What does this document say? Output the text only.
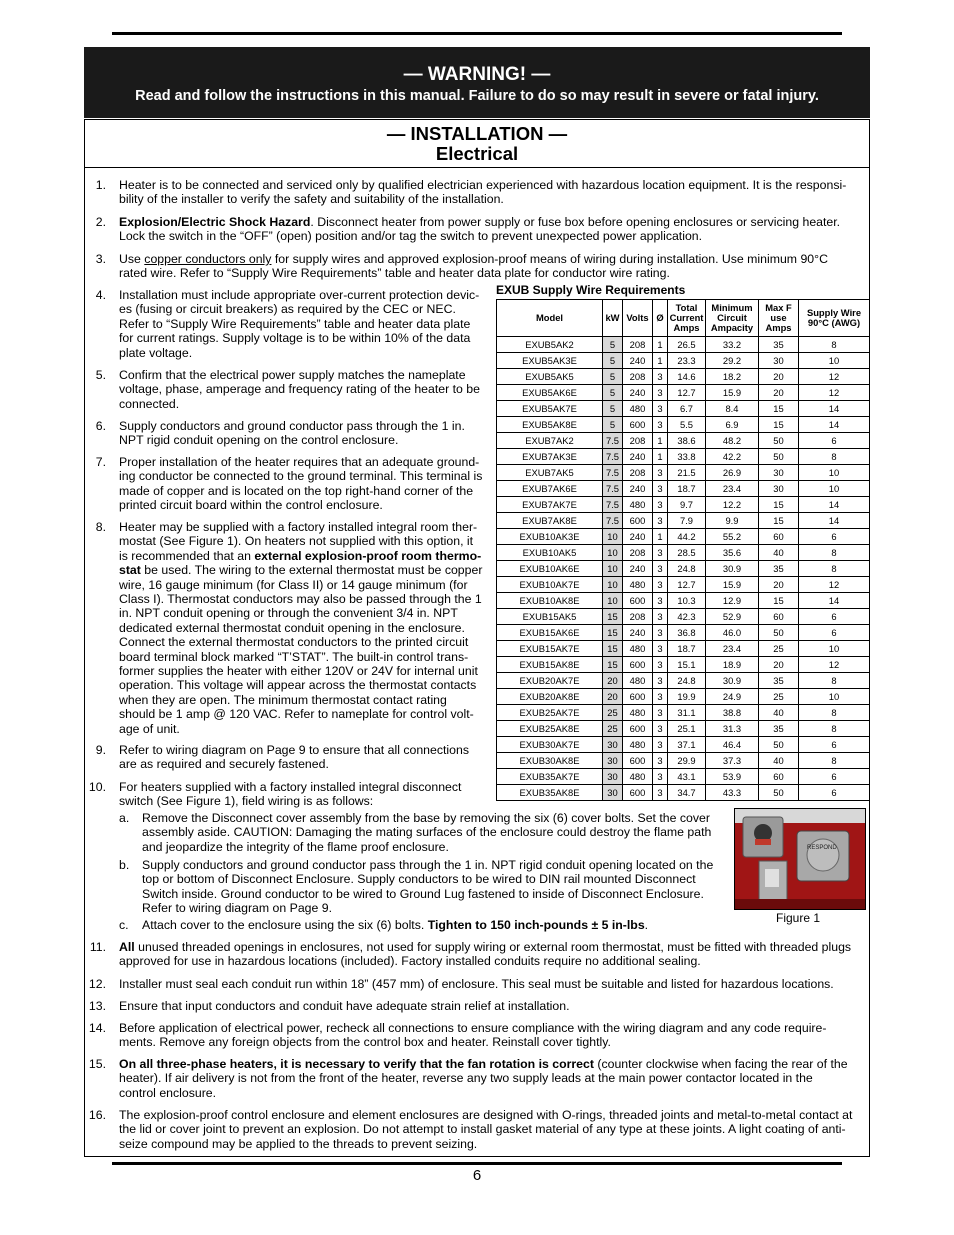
— WARNING! —

Read and follow the instructions in this manual. Failure to do so may result in severe or fatal injury.

— INSTALLATION —
Electrical
1. Heater is to be connected and serviced only by qualified electrician experienced with hazardous location equipment. It is the responsi-
bility of the installer to verify the safety and suitability of the installation.
2. Explosion/Electric Shock Hazard. Disconnect heater from power supply or fuse box before opening enclosures or servicing heater.
Lock the switch in the “OFF” (open) position and/or tag the switch to prevent unexpected power application.
3. Use copper conductors only for supply wires and approved explosion-proof means of wiring during installation. Use minimum 90°C
rated wire. Refer to “Supply Wire Requirements” table and heater data plate for conductor wire rating.
4. Installation must include appropriate over-current protection devic-
es (fusing or circuit breakers) as required by the CEC or NEC.
Refer to “Supply Wire Requirements” table and heater data plate
for current ratings. Supply voltage is to be within 10% of the data
plate voltage.
5. Confirm that the electrical power supply matches the nameplate
voltage, phase, amperage and frequency rating of the heater to be
connected.
6. Supply conductors and ground conductor pass through the 1 in.
NPT rigid conduit opening on the control enclosure.
7. Proper installation of the heater requires that an adequate ground-
ing conductor be connected to the ground terminal. This terminal is
made of copper and is located on the top right-hand corner of the
printed circuit board within the control enclosure.
8. Heater may be supplied with a factory installed integral room ther-
mostat (See Figure 1). On heaters not supplied with this option, it
is recommended that an external explosion-proof room thermo-
stat be used. The wiring to the external thermostat must be copper
wire, 16 gauge minimum (for Class II) or 14 gauge minimum (for
Class I). Thermostat conductors may also be passed through the 1
in. NPT conduit opening or through the convenient 3/4 in. NPT
dedicated external thermostat conduit opening in the enclosure.
Connect the external thermostat conductors to the printed circuit
board terminal block marked “T’STAT”. The built-in control trans-
former supplies the heater with either 120V or 24V for internal unit
operation. This voltage will appear across the thermostat contacts
when they are open. The minimum thermostat contact rating
should be 1 amp @ 120 VAC. Refer to nameplate for control volt-
age of unit.
9. Refer to wiring diagram on Page 9 to ensure that all connections
are as required and securely fastened.
10. For heaters supplied with a factory installed integral disconnect
switch (See Figure 1), field wiring is as follows:
a. Remove the Disconnect cover assembly from the base by removing the six (6) cover bolts. Set the cover
assembly aside. CAUTION: Damaging the mating surfaces of the enclosure could destroy the flame path
and jeopardize the integrity of the flame proof enclosure.
b. Supply conductors and ground conductor pass through the 1 in. NPT rigid conduit opening located on the
top or bottom of Disconnect Enclosure. Supply conductors to be wired to DIN rail mounted Disconnect
Switch inside. Ground conductor to be wired to Ground Lug fastened to inside of Disconnect Enclosure.
Refer to wiring diagram on Page 9.
c. Attach cover to the enclosure using the six (6) bolts. Tighten to 150 inch-pounds ± 5 in-lbs.
11. All unused threaded openings in enclosures, not used for supply wiring or external room thermostat, must be fitted with threaded plugs
approved for use in hazardous locations (included). Factory installed conduits require no additional sealing.
12. Installer must seal each conduit run within 18” (457 mm) of enclosure. This seal must be suitable and listed for hazardous locations.
13. Ensure that input conductors and conduit have adequate strain relief at installation.
14. Before application of electrical power, recheck all connections to ensure compliance with the wiring diagram and any code require-
ments. Remove any foreign objects from the control box and heater. Reinstall cover tightly.
15. On all three-phase heaters, it is necessary to verify that the fan rotation is correct (counter clockwise when facing the rear of the
heater). If air delivery is not from the front of the heater, reverse any two supply leads at the main power contactor located in the
control enclosure.
16. The explosion-proof control enclosure and element enclosures are designed with O-rings, threaded joints and metal-to-metal contact at
the lid or cover joint to prevent an explosion. Do not attempt to install gasket material of any type at these joints. A light coating of anti-
seize compound may be applied to the threads to prevent seizing.
EXUB Supply Wire Requirements
Model	kW	Volts	Ø	Total Current Amps	Minimum Circuit Ampacity	Max F use Amps	Supply Wire 90°C (AWG)
EXUB5AK2	5	208	1	26.5	33.2	35	8
EXUB5AK3E	5	240	1	23.3	29.2	30	10
EXUB5AK5	5	208	3	14.6	18.2	20	12
EXUB5AK6E	5	240	3	12.7	15.9	20	12
EXUB5AK7E	5	480	3	6.7	8.4	15	14
EXUB5AK8E	5	600	3	5.5	6.9	15	14
EXUB7AK2	7.5	208	1	38.6	48.2	50	6
EXUB7AK3E	7.5	240	1	33.8	42.2	50	8
EXUB7AK5	7.5	208	3	21.5	26.9	30	10
EXUB7AK6E	7.5	240	3	18.7	23.4	30	10
EXUB7AK7E	7.5	480	3	9.7	12.2	15	14
EXUB7AK8E	7.5	600	3	7.9	9.9	15	14
EXUB10AK3E	10	240	1	44.2	55.2	60	6
EXUB10AK5	10	208	3	28.5	35.6	40	8
EXUB10AK6E	10	240	3	24.8	30.9	35	8
EXUB10AK7E	10	480	3	12.7	15.9	20	12
EXUB10AK8E	10	600	3	10.3	12.9	15	14
EXUB15AK5	15	208	3	42.3	52.9	60	6
EXUB15AK6E	15	240	3	36.8	46.0	50	6
EXUB15AK7E	15	480	3	18.7	23.4	25	10
EXUB15AK8E	15	600	3	15.1	18.9	20	12
EXUB20AK7E	20	480	3	24.8	30.9	35	8
EXUB20AK8E	20	600	3	19.9	24.9	25	10
EXUB25AK7E	25	480	3	31.1	38.8	40	8
EXUB25AK8E	25	600	3	25.1	31.3	35	8
EXUB30AK7E	30	480	3	37.1	46.4	50	6
EXUB30AK8E	30	600	3	29.9	37.3	40	8
EXUB35AK7E	30	480	3	43.1	53.9	60	6
EXUB35AK8E	30	600	3	34.7	43.3	50	6
RESPOND
Figure 1
6
